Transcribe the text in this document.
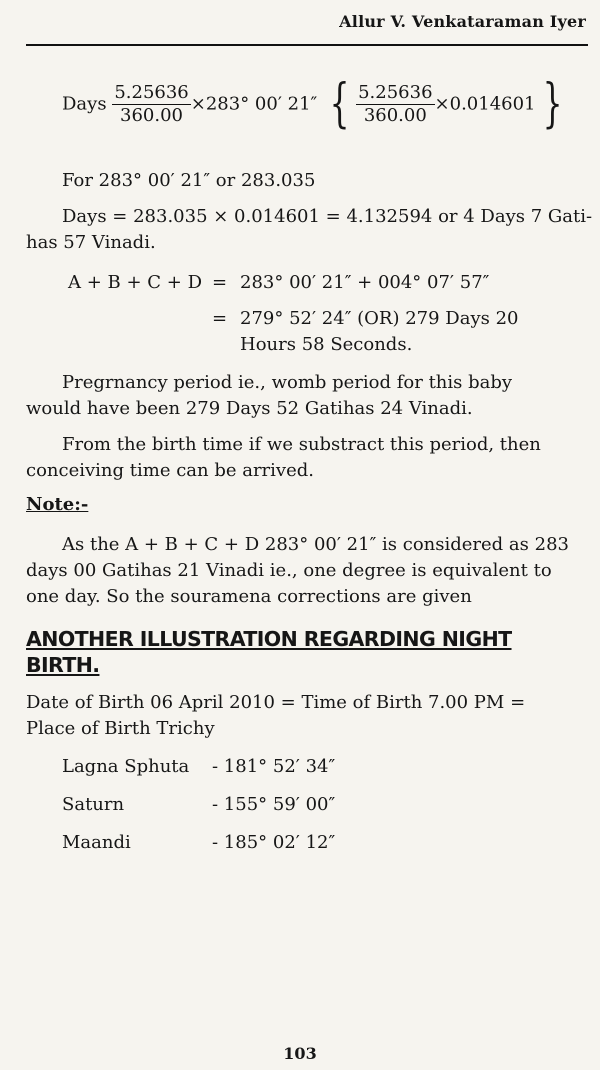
Allur V. Venkataraman Iyer
Days $\frac{5.25636}{360.00} \times 283^\circ$ 00′ 21″ { $\frac{5.25636}{360.00} \times 0.014601$ }
For 283° 00′ 21″ or 283.035
Days = 283.035 × 0.014601 = 4.132594 or 4 Days 7 Gati-
has 57 Vinadi.
A + B + C + D = 283° 00′ 21″ + 004° 07′ 57″
= 279° 52′ 24″ (OR) 279 Days 20
Hours 58 Seconds.
Pregrnancy period ie., womb period for this baby
would have been 279 Days 52 Gatihas 24 Vinadi.
From the birth time if we substract this period, then
conceiving time can be arrived.
Note:-
As the A + B + C + D 283° 00′ 21″ is considered as 283
days 00 Gatihas 21 Vinadi ie., one degree is equivalent to
one day. So the souramena corrections are given
ANOTHER ILLUSTRATION REGARDING NIGHT
BIRTH.
Date of Birth 06 April 2010 = Time of Birth 7.00 PM =
Place of Birth Trichy
Lagna Sphuta - 181° 52′ 34″
Saturn	- 155° 59′ 00″
Maandi	- 185° 02′ 12″
103
